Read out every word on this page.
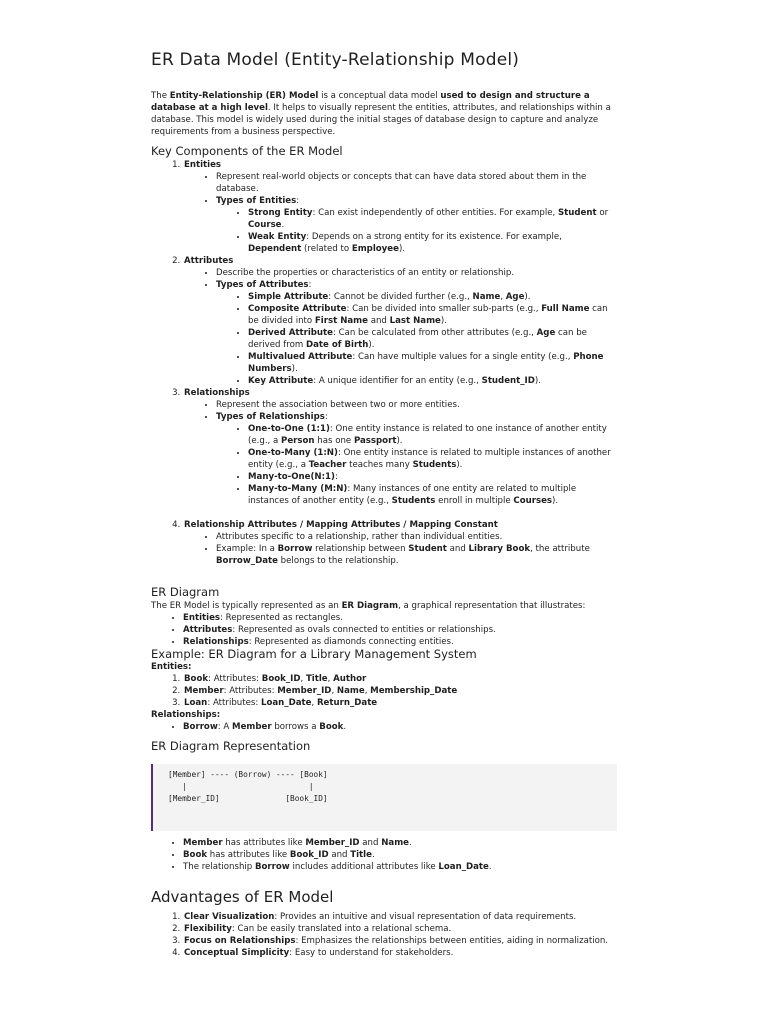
ER Data Model (Entity-Relationship Model)

The Entity-Relationship (ER) Model is a conceptual data model used to design and structure a database at a high level. It helps to visually represent the entities, attributes, and relationships within a database. This model is widely used during the initial stages of database design to capture and analyze requirements from a business perspective.

Key Components of the ER Model
1. Entities
• Represent real-world objects or concepts that can have data stored about them in the database.
• Types of Entities:
• Strong Entity: Can exist independently of other entities. For example, Student or Course.
• Weak Entity: Depends on a strong entity for its existence. For example, Dependent (related to Employee).
2. Attributes
• Describe the properties or characteristics of an entity or relationship.
• Types of Attributes:
• Simple Attribute: Cannot be divided further (e.g., Name, Age).
• Composite Attribute: Can be divided into smaller sub-parts (e.g., Full Name can be divided into First Name and Last Name).
• Derived Attribute: Can be calculated from other attributes (e.g., Age can be derived from Date of Birth).
• Multivalued Attribute: Can have multiple values for a single entity (e.g., Phone Numbers).
• Key Attribute: A unique identifier for an entity (e.g., Student_ID).
3. Relationships
• Represent the association between two or more entities.
• Types of Relationships:
• One-to-One (1:1): One entity instance is related to one instance of another entity (e.g., a Person has one Passport).
• One-to-Many (1:N): One entity instance is related to multiple instances of another entity (e.g., a Teacher teaches many Students).
• Many-to-One(N:1):
• Many-to-Many (M:N): Many instances of one entity are related to multiple instances of another entity (e.g., Students enroll in multiple Courses).
4. Relationship Attributes / Mapping Attributes / Mapping Constant
• Attributes specific to a relationship, rather than individual entities.
• Example: In a Borrow relationship between Student and Library Book, the attribute Borrow_Date belongs to the relationship.
ER Diagram

The ER Model is typically represented as an ER Diagram, a graphical representation that illustrates:

• Entities: Represented as rectangles.
• Attributes: Represented as ovals connected to entities or relationships.
• Relationships: Represented as diamonds connecting entities.
Example: ER Diagram for a Library Management System

Entities:

1. Book: Attributes: Book_ID, Title, Author
2. Member: Attributes: Member_ID, Name, Membership_Date
3. Loan: Attributes: Loan_Date, Return_Date

Relationships:

• Borrow: A Member borrows a Book.
ER Diagram Representation
[Member] ---- (Borrow) ---- [Book]
|                          |
[Member_ID]              [Book_ID]
• Member has attributes like Member_ID and Name.
• Book has attributes like Book_ID and Title.
• The relationship Borrow includes additional attributes like Loan_Date.
Advantages of ER Model
1. Clear Visualization: Provides an intuitive and visual representation of data requirements.
2. Flexibility: Can be easily translated into a relational schema.
3. Focus on Relationships: Emphasizes the relationships between entities, aiding in normalization.
4. Conceptual Simplicity: Easy to understand for stakeholders.
